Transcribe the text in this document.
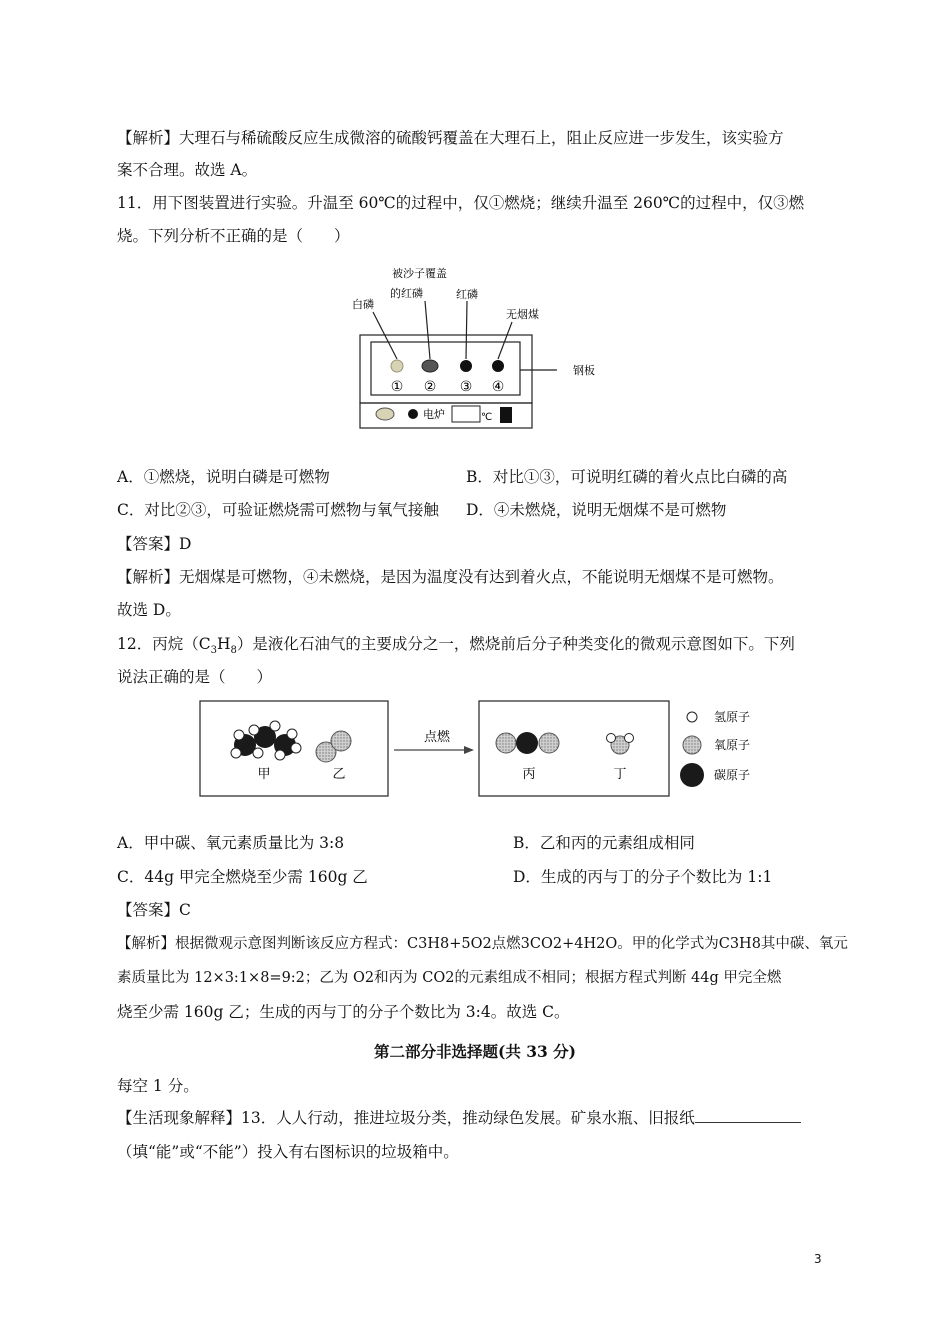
【解析】大理石与稀硫酸反应生成微溶的硫酸钙覆盖在大理石上，阻止反应进一步发生，该实验方
案不合理。故选 A。
11．用下图装置进行实验。升温至 60℃的过程中，仅①燃烧；继续升温至 260℃的过程中，仅③燃
烧。下列分析不正确的是（　　）
① ② ③ ④
白磷
被沙子覆盖
的红磷	红磷
无烟煤
钢板
电炉	℃
A．①燃烧，说明白磷是可燃物	B．对比①③，可说明红磷的着火点比白磷的高
C．对比②③，可验证燃烧需可燃物与氧气接触 D．④未燃烧，说明无烟煤不是可燃物
【答案】D
【解析】无烟煤是可燃物，④未燃烧，是因为温度没有达到着火点，不能说明无烟煤不是可燃物。
故选 D。
12．丙烷$(C_3H_8)$是液化石油气的主要成分之一，燃烧前后分子种类变化的微观示意图如下。下列
说法正确的是（　　）
甲	乙
点燃
丙	丁
氢原子
氧原子
碳原子
A．甲中碳、氧元素质量比为 3:8	B．乙和丙的元素组成相同
C．44g 甲完全燃烧至少需 160g 乙	D．生成的丙与丁的分子个数比为 1:1
【答案】C
【解析】根据微观示意图判断该反应方程式：C3H8+5O2点燃3CO2+4H2O。甲的化学式为C3H8其中碳、氧元
素质量比为 12×3:1×8=9:2；乙为 O2和丙为 CO2的元素组成不相同；根据方程式判断 44g 甲完全燃
烧至少需 160g 乙；生成的丙与丁的分子个数比为 3:4。故选 C。
第二部分非选择题(共 33 分)
每空 1 分。
【生活现象解释】13．人人行动，推进垃圾分类，推动绿色发展。矿泉水瓶、旧报纸
（填“能”或“不能”）投入有右图标识的垃圾箱中。
3
